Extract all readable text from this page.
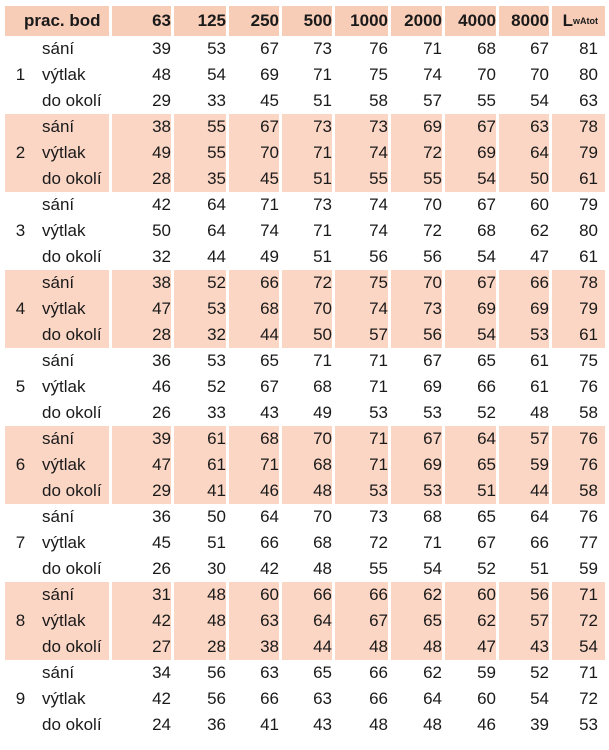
prac. bod	63	125	250	500	1000 2000 4000 8000 L wAtot
1
sání	39	53	67	73	76	71	68	67	81
výtlak	48	54	69	71	75	74	70	70	80
do okolí	29	33	45	51	58	57	55	54	63
2
sání	38	55	67	73	73	69	67	63	78
výtlak	49	55	70	71	74	72	69	64	79
do okolí	28	35	45	51	55	55	54	50	61
3
sání	42	64	71	73	74	70	67	60	79
výtlak	50	64	74	71	74	72	68	62	80
do okolí	32	44	49	51	56	56	54	47	61
4
sání	38	52	66	72	75	70	67	66	78
výtlak	47	53	68	70	74	73	69	69	79
do okolí	28	32	44	50	57	56	54	53	61
5
sání	36	53	65	71	71	67	65	61	75
výtlak	46	52	67	68	71	69	66	61	76
do okolí	26	33	43	49	53	53	52	48	58
6
sání	39	61	68	70	71	67	64	57	76
výtlak	47	61	71	68	71	69	65	59	76
do okolí	29	41	46	48	53	53	51	44	58
7
sání	36	50	64	70	73	68	65	64	76
výtlak	45	51	66	68	72	71	67	66	77
do okolí	26	30	42	48	55	54	52	51	59
8
sání	31	48	60	66	66	62	60	56	71
výtlak	42	48	63	64	67	65	62	57	72
do okolí	27	28	38	44	48	48	47	43	54
9
sání	34	56	63	65	66	62	59	52	71
výtlak	42	56	66	63	66	64	60	54	72
do okolí	24	36	41	43	48	48	46	39	53
